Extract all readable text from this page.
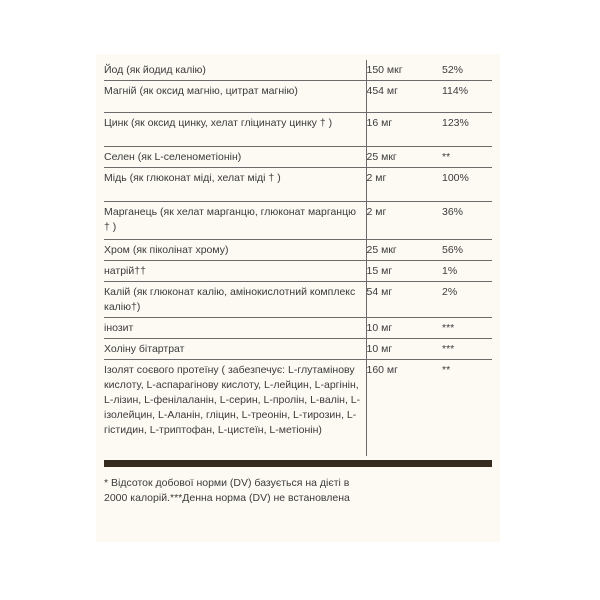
Йод (як йодид калію)	150 мкг	52%
Магній (як оксид магнію, цитрат магнію)	454 мг	114%
Цинк (як оксид цинку, хелат гліцинату цинку † )	16 мг	123%
Селен (як L-селенометіонін)	25 мкг	**
Мідь (як глюконат міді, хелат міді † )	2 мг	100%
Марганець (як хелат марганцю, глюконат марганцю † )	2 мг	36%
Хром (як піколінат хрому)	25 мкг	56%
натрій††	15 мг	1%
Калій (як глюконат калію, амінокислотний комплекс калію†)	54 мг	2%
інозит	10 мг	***
Холіну бітартрат	10 мг	***
Ізолят соєвого протеїну ( забезпечує: L-глутамінову кислоту, L-аспарагінову кислоту, L-лейцин, L-аргінін, L-лізин, L-фенілаланін, L-серин, L-пролін, L-валін, L-ізолейцин, L-Аланін, гліцин, L-треонін, L-тирозин, L-гістидин, L-триптофан, L-цистеїн, L-метіонін)	160 мг	**
* Відсоток добової норми (DV) базується на дієті в 2000 калорій.***Денна норма (DV) не встановлена
